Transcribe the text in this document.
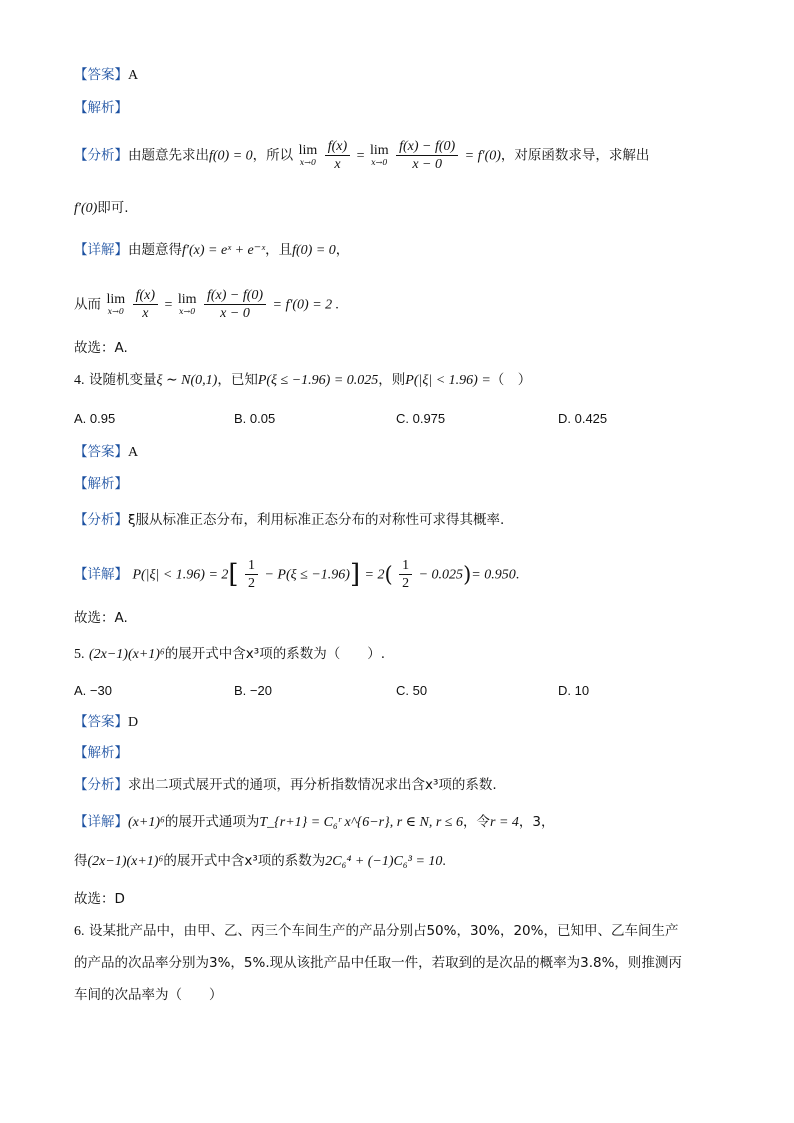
【答案】A
【解析】
【分析】由题意先求出f(0) = 0，所以 lim
x→0
$\frac{f(x)}{x} = \lim$
x→0
$\frac{f(x) - f(0)}{x - 0} = f'(0)$，对原函数求导，求解出
f′(0)即可.
【详解】由题意得f′(x) = eˣ + e⁻ˣ，且f(0) = 0，
从而 lim
x→0
$\frac{f(x)}{x} = \lim$
x→0
$\frac{f(x) - f(0)}{x - 0} = f'(0) = 2$ .
故选：A.
4. 设随机变量ξ ∼ N(0,1)，已知P(ξ ≤ −1.96) = 0.025，则P(|ξ| < 1.96) =（　）
A. 0.95	B. 0.05	C. 0.975	D. 0.425
【答案】A
【解析】
【分析】ξ服从标准正态分布，利用标准正态分布的对称性可求得其概率.
【详解】 $P(|\xi| < 1.96) = 2[ \frac{1}{2} - P(\xi \le -1.96)] = 2( \frac{1}{2} - 0.025)= 0.950$.
故选：A.
5. (2x−1)(x+1)⁶的展开式中含x³项的系数为（　　）.
A. −30	B. −20	C. 50	D. 10
【答案】D
【解析】
【分析】求出二项式展开式的通项，再分析指数情况求出含x³项的系数.
【详解】(x+1)⁶的展开式通项为T_{r+1} = C₆ʳ x^{6−r}, r ∈ N, r ≤ 6，令r = 4，3，
得(2x−1)(x+1)⁶的展开式中含x³项的系数为2C₆⁴ + (−1)C₆³ = 10.
故选：D
6. 设某批产品中，由甲、乙、丙三个车间生产的产品分别占50%，30%，20%，已知甲、乙车间生产
的产品的次品率分别为3%，5%.现从该批产品中任取一件，若取到的是次品的概率为3.8%，则推测丙
车间的次品率为（　　）
